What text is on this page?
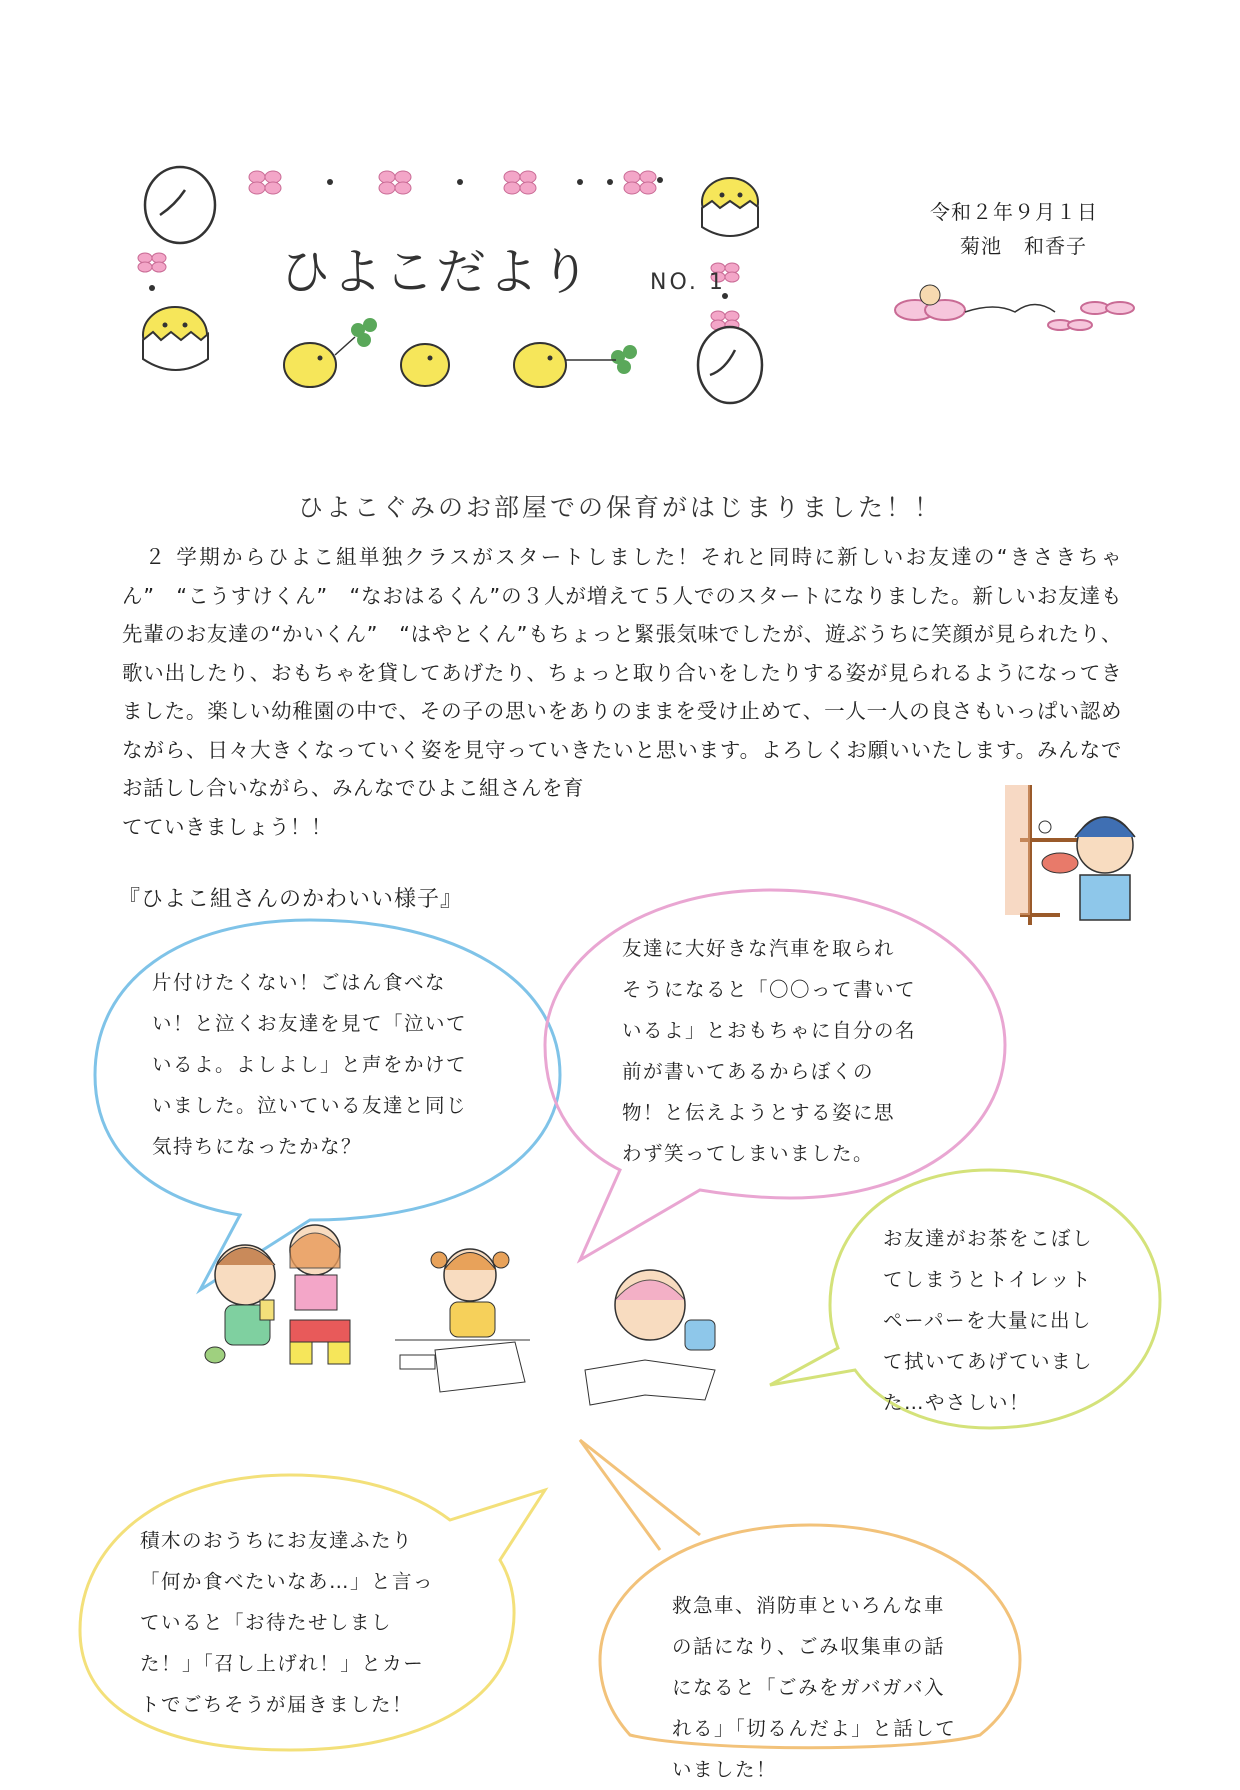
ひよこだより	NO. 1
令和２年９月１日
菊池 和香子
ひよこぐみのお部屋での保育がはじまりました！！
　２ 学期からひよこ組単独クラスがスタートしました！それと同時に新しいお友達の“きさきちゃん”　“こうすけくん”　“なおはるくん”の３人が増えて５人でのスタートになりました。新しいお友達も先輩のお友達の“かいくん”　“はやとくん”もちょっと緊張気味でしたが、遊ぶうちに笑顔が見られたり、歌い出したり、おもちゃを貸してあげたり、ちょっと取り合いをしたりする姿が見られるようになってきました。楽しい幼稚園の中で、その子の思いをありのままを受け止めて、一人一人の良さもいっぱい認めながら、日々大きくなっていく姿を見守っていきたいと思います。よろしくお願いいたします。みんなでお話しし合いながら、みんなでひよこ組さんを育
てていきましょう！！
『ひよこ組さんのかわいい様子』
片付けたくない！ごはん食べな
い！と泣くお友達を見て「泣いて
いるよ。よしよし」と声をかけて
いました。泣いている友達と同じ
気持ちになったかな？
友達に大好きな汽車を取られ
そうになると「〇〇って書いて
いるよ」とおもちゃに自分の名
前が書いてあるからぼくの
物！と伝えようとする姿に思
わず笑ってしまいました。
お友達がお茶をこぼし
てしまうとトイレット
ペーパーを大量に出し
て拭いてあげていまし
た…やさしい！
積木のおうちにお友達ふたり
「何か食べたいなあ…」と言っ
ていると「お待たせしまし
た！」「召し上げれ！」とカー
トでごちそうが届きました！
救急車、消防車といろんな車
の話になり、ごみ収集車の話
になると「ごみをガバガバ入
れる」「切るんだよ」と話して
いました！
